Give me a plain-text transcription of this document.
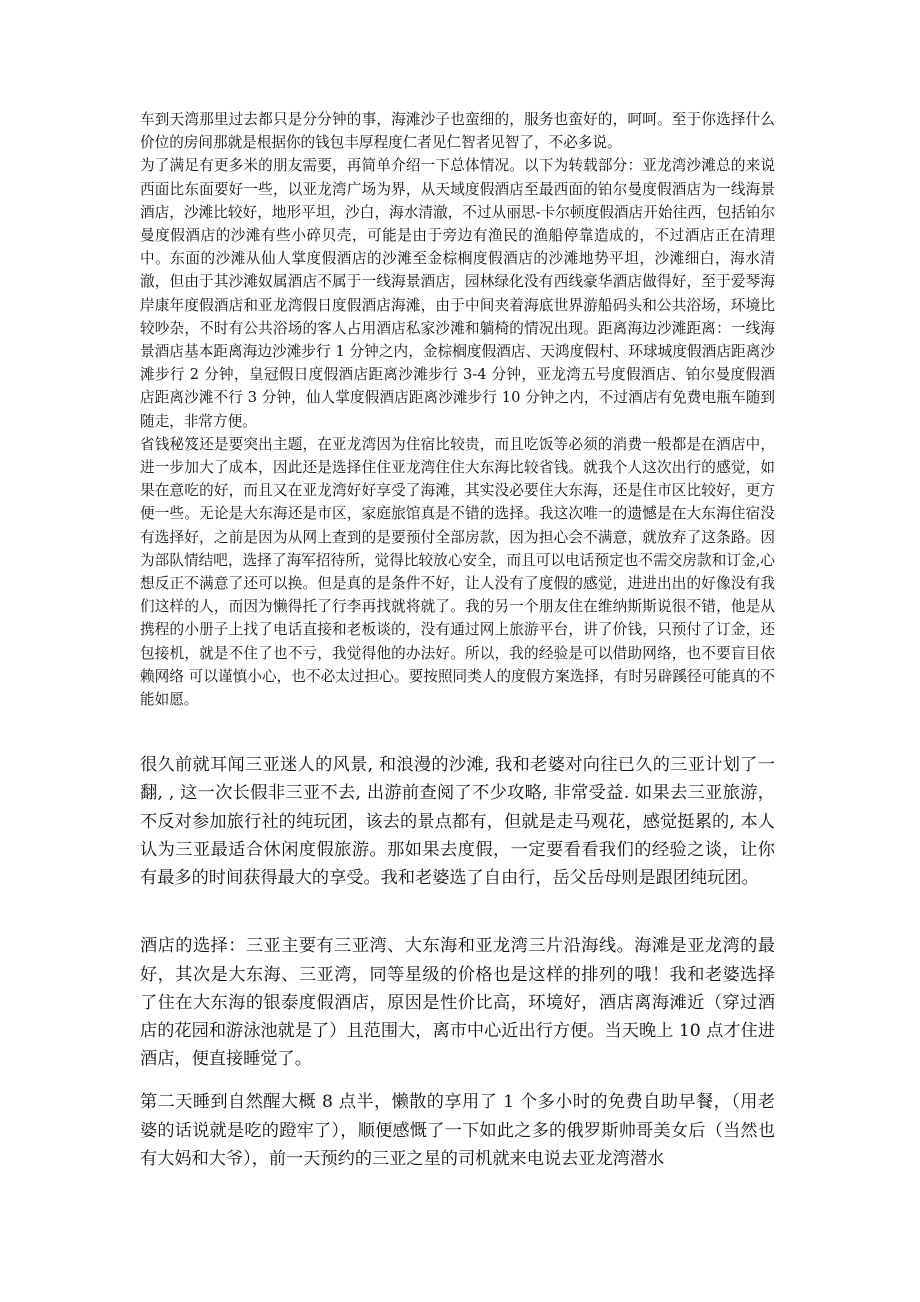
车到天湾那里过去都只是分分钟的事，海滩沙子也蛮细的，服务也蛮好的，呵呵。至于你选择什么价位的房间那就是根据你的钱包丰厚程度仁者见仁智者见智了，不必多说。

为了满足有更多米的朋友需要，再简单介绍一下总体情况。以下为转载部分：亚龙湾沙滩总的来说西面比东面要好一些，以亚龙湾广场为界，从天域度假酒店至最西面的铂尔曼度假酒店为一线海景酒店，沙滩比较好，地形平坦，沙白，海水清澈，不过从丽思-卡尔顿度假酒店开始往西，包括铂尔曼度假酒店的沙滩有些小碎贝壳，可能是由于旁边有渔民的渔船停靠造成的，不过酒店正在清理中。东面的沙滩从仙人掌度假酒店的沙滩至金棕榈度假酒店的沙滩地势平坦，沙滩细白，海水清澈，但由于其沙滩奴属酒店不属于一线海景酒店，园林绿化没有西线豪华酒店做得好，至于爱琴海岸康年度假酒店和亚龙湾假日度假酒店海滩，由于中间夹着海底世界游船码头和公共浴场，环境比较吵杂，不时有公共浴场的客人占用酒店私家沙滩和躺椅的情况出现。距离海边沙滩距离：一线海景酒店基本距离海边沙滩步行 1 分钟之内，金棕榈度假酒店、天鸿度假村、环球城度假酒店距离沙滩步行 2 分钟，皇冠假日度假酒店距离沙滩步行 3-4 分钟，亚龙湾五号度假酒店、铂尔曼度假酒店距离沙滩不行 3 分钟，仙人掌度假酒店距离沙滩步行 10 分钟之内，不过酒店有免费电瓶车随到随走，非常方便。

省钱秘笈还是要突出主题，在亚龙湾因为住宿比较贵，而且吃饭等必须的消费一般都是在酒店中，进一步加大了成本，因此还是选择住住亚龙湾住住大东海比较省钱。就我个人这次出行的感觉，如果在意吃的好，而且又在亚龙湾好好享受了海滩，其实没必要住大东海，还是住市区比较好，更方便一些。无论是大东海还是市区，家庭旅馆真是不错的选择。我这次唯一的遗憾是在大东海住宿没有选择好，之前是因为从网上查到的是要预付全部房款，因为担心会不满意，就放弃了这条路。因为部队情结吧，选择了海军招待所，觉得比较放心安全，而且可以电话预定也不需交房款和订金,心想反正不满意了还可以换。但是真的是条件不好，让人没有了度假的感觉，进进出出的好像没有我们这样的人，而因为懒得托了行李再找就将就了。我的另一个朋友住在维纳斯斯说很不错，他是从携程的小册子上找了电话直接和老板谈的，没有通过网上旅游平台，讲了价钱，只预付了订金，还包接机，就是不住了也不亏，我觉得他的办法好。所以，我的经验是可以借助网络，也不要盲目依赖网络 可以谨慎小心，也不必太过担心。要按照同类人的度假方案选择，有时另辟蹊径可能真的不能如愿。

很久前就耳闻三亚迷人的风景, 和浪漫的沙滩, 我和老婆对向往已久的三亚计划了一翻, , 这一次长假非三亚不去, 出游前查阅了不少攻略, 非常受益. 如果去三亚旅游，不反对参加旅行社的纯玩团，该去的景点都有，但就是走马观花，感觉挺累的, 本人认为三亚最适合休闲度假旅游。那如果去度假，一定要看看我们的经验之谈，让你有最多的时间获得最大的享受。我和老婆选了自由行，岳父岳母则是跟团纯玩团。

酒店的选择：三亚主要有三亚湾、大东海和亚龙湾三片沿海线。海滩是亚龙湾的最好，其次是大东海、三亚湾，同等星级的价格也是这样的排列的哦！我和老婆选择了住在大东海的银泰度假酒店，原因是性价比高，环境好，酒店离海滩近（穿过酒店的花园和游泳池就是了）且范围大，离市中心近出行方便。当天晚上 10 点才住进酒店，便直接睡觉了。

第二天睡到自然醒大概 8 点半，懒散的享用了 1 个多小时的免费自助早餐，（用老婆的话说就是吃的蹬牢了），顺便感慨了一下如此之多的俄罗斯帅哥美女后（当然也有大妈和大爷），前一天预约的三亚之星的司机就来电说去亚龙湾潜水
